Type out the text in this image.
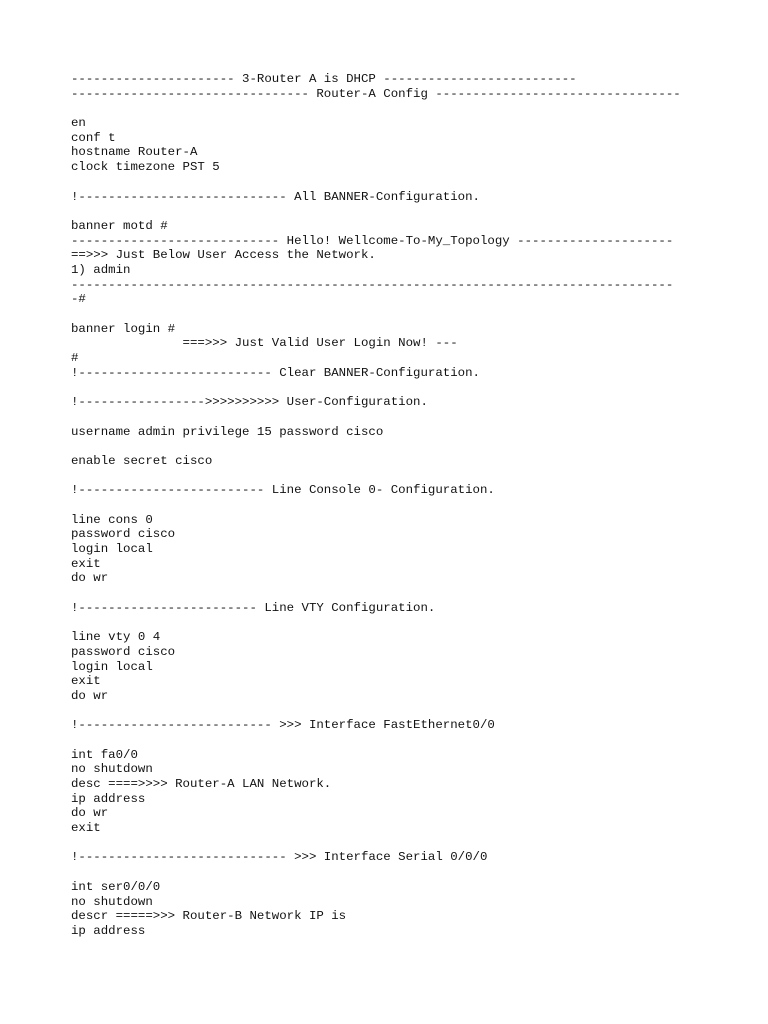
---------------------- 3-Router A is DHCP --------------------------
-------------------------------- Router-A Config ---------------------------------
en
conf t
hostname Router-A
clock timezone PST 5
!---------------------------- All BANNER-Configuration.
banner motd #
---------------------------- Hello! Wellcome-To-My_Topology ---------------------
==>>> Just Below User Access the Network.
1) admin
---------------------------------------------------------------------------------
-#
banner login #
===>>> Just Valid User Login Now! ---
#
!-------------------------- Clear BANNER-Configuration.
!----------------->>>>>>>>>> User-Configuration.
username admin privilege 15 password cisco
enable secret cisco
!------------------------- Line Console 0- Configuration.
line cons 0
password cisco
login local
exit
do wr
!------------------------ Line VTY Configuration.
line vty 0 4
password cisco
login local
exit
do wr
!-------------------------- >>> Interface FastEthernet0/0
int fa0/0
no shutdown
desc ====>>>> Router-A LAN Network.
ip address
do wr
exit
!---------------------------- >>> Interface Serial 0/0/0
int ser0/0/0
no shutdown
descr =====>>> Router-B Network IP is
ip address
